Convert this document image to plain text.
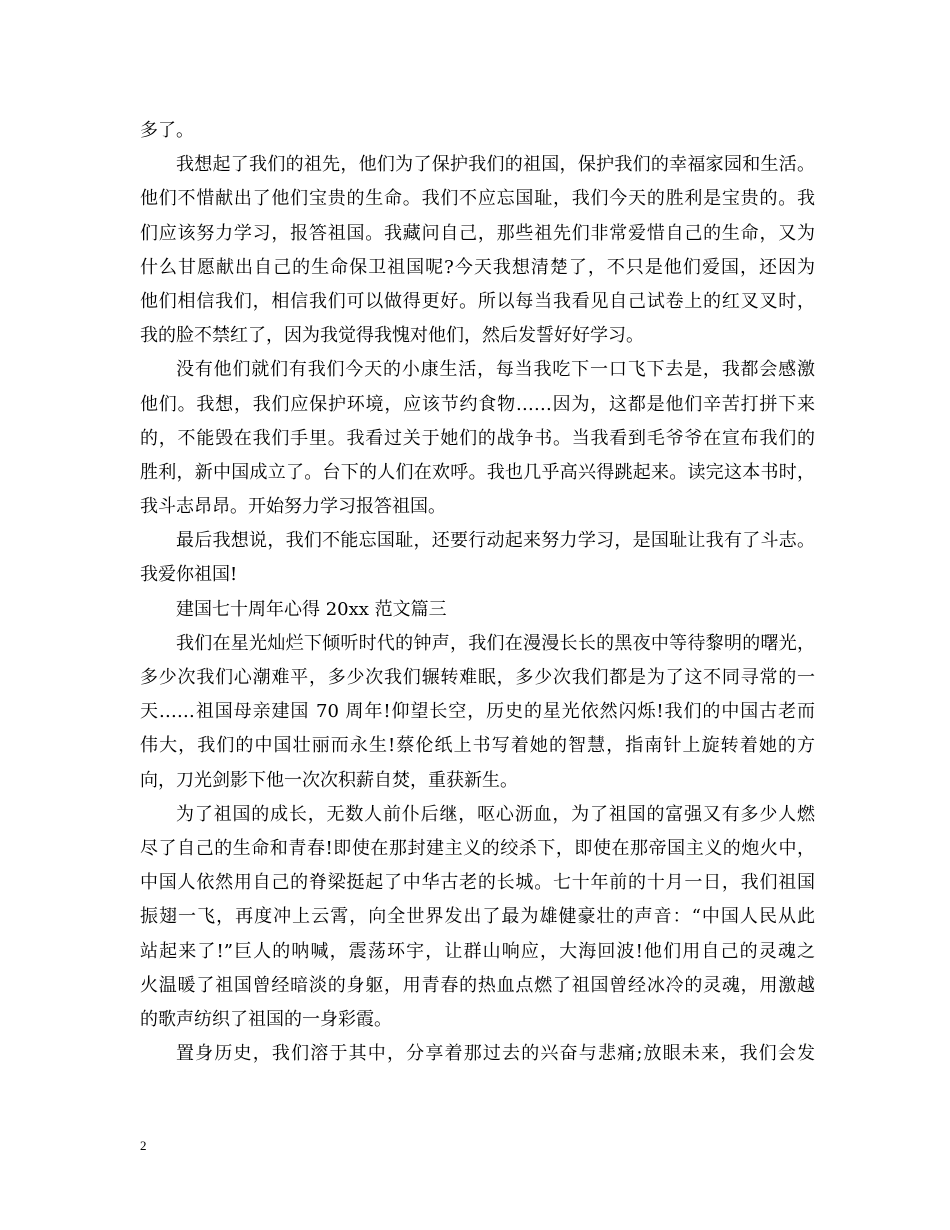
多了。
我想起了我们的祖先，他们为了保护我们的祖国，保护我们的幸福家园和生活。
他们不惜献出了他们宝贵的生命。我们不应忘国耻，我们今天的胜利是宝贵的。我
们应该努力学习，报答祖国。我藏问自己，那些祖先们非常爱惜自己的生命，又为
什么甘愿献出自己的生命保卫祖国呢?今天我想清楚了，不只是他们爱国，还因为
他们相信我们，相信我们可以做得更好。所以每当我看见自己试卷上的红叉叉时，
我的脸不禁红了，因为我觉得我愧对他们，然后发誓好好学习。
没有他们就们有我们今天的小康生活，每当我吃下一口飞下去是，我都会感激
他们。我想，我们应保护环境，应该节约食物……因为，这都是他们辛苦打拼下来
的，不能毁在我们手里。我看过关于她们的战争书。当我看到毛爷爷在宣布我们的
胜利，新中国成立了。台下的人们在欢呼。我也几乎高兴得跳起来。读完这本书时，
我斗志昂昂。开始努力学习报答祖国。
最后我想说，我们不能忘国耻，还要行动起来努力学习，是国耻让我有了斗志。
我爱你祖国!
建国七十周年心得 20xx 范文篇三
我们在星光灿烂下倾听时代的钟声，我们在漫漫长长的黑夜中等待黎明的曙光，
多少次我们心潮难平，多少次我们辗转难眠，多少次我们都是为了这不同寻常的一
天……祖国母亲建国 70 周年!仰望长空，历史的星光依然闪烁!我们的中国古老而
伟大，我们的中国壮丽而永生!蔡伦纸上书写着她的智慧，指南针上旋转着她的方
向，刀光剑影下他一次次积薪自焚，重获新生。
为了祖国的成长，无数人前仆后继，呕心沥血，为了祖国的富强又有多少人燃
尽了自己的生命和青春!即使在那封建主义的绞杀下，即使在那帝国主义的炮火中，
中国人依然用自己的脊梁挺起了中华古老的长城。七十年前的十月一日，我们祖国
振翅一飞，再度冲上云霄，向全世界发出了最为雄健豪壮的声音：“中国人民从此
站起来了!”巨人的呐喊，震荡环宇，让群山响应，大海回波!他们用自己的灵魂之
火温暖了祖国曾经暗淡的身躯，用青春的热血点燃了祖国曾经冰冷的灵魂，用激越
的歌声纺织了祖国的一身彩霞。
置身历史，我们溶于其中，分享着那过去的兴奋与悲痛;放眼未来，我们会发
2
